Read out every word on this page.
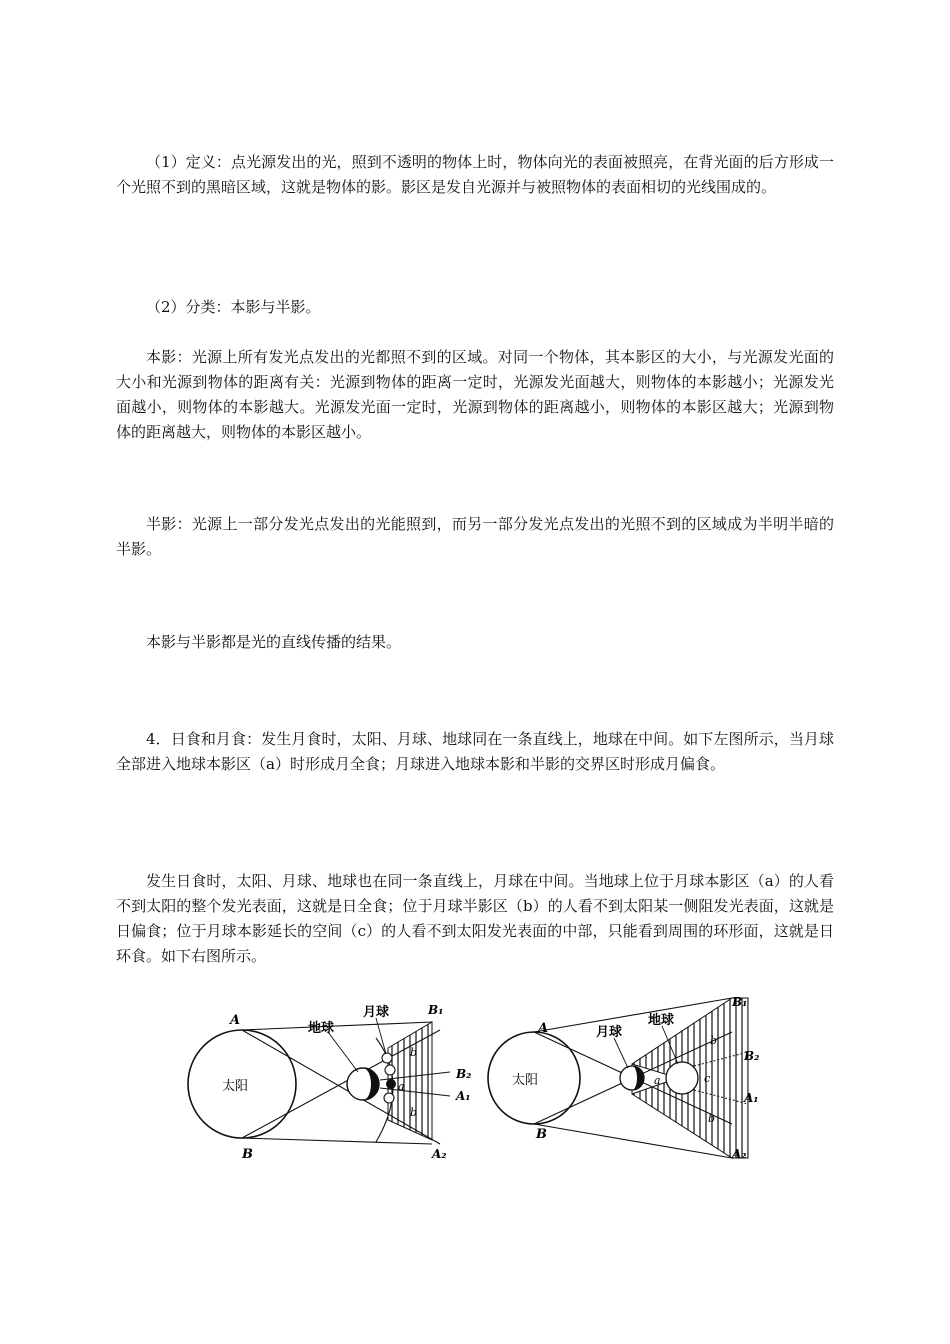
（1）定义：点光源发出的光，照到不透明的物体上时，物体向光的表面被照亮，在背光面的后方形成一个光照不到的黑暗区域，这就是物体的影。影区是发自光源并与被照物体的表面相切的光线围成的。

（2）分类：本影与半影。

本影：光源上所有发光点发出的光都照不到的区域。对同一个物体，其本影区的大小，与光源发光面的大小和光源到物体的距离有关：光源到物体的距离一定时，光源发光面越大，则物体的本影越小；光源发光面越小，则物体的本影越大。光源发光面一定时，光源到物体的距离越小，则物体的本影区越大；光源到物体的距离越大，则物体的本影区越小。

半影：光源上一部分发光点发出的光能照到，而另一部分发光点发出的光照不到的区域成为半明半暗的半影。

本影与半影都是光的直线传播的结果。

4．日食和月食：发生月食时，太阳、月球、地球同在一条直线上，地球在中间。如下左图所示，当月球全部进入地球本影区（a）时形成月全食；月球进入地球本影和半影的交界区时形成月偏食。

发生日食时，太阳、月球、地球也在同一条直线上，月球在中间。当地球上位于月球本影区（a）的人看不到太阳的整个发光表面，这就是日全食；位于月球半影区（b）的人看不到太阳某一侧阻发光表面，这就是日偏食；位于月球本影延长的空间（c）的人看不到太阳发光表面的中部，只能看到周围的环形面，这就是日环食。如下右图所示。

太阳
地球
月球
A
B
B₁
B₂
A₁
A₂
a
b
b
太阳
月球
地球
A
B
B₁
B₂
A₁
A₂
a	c
b
b
